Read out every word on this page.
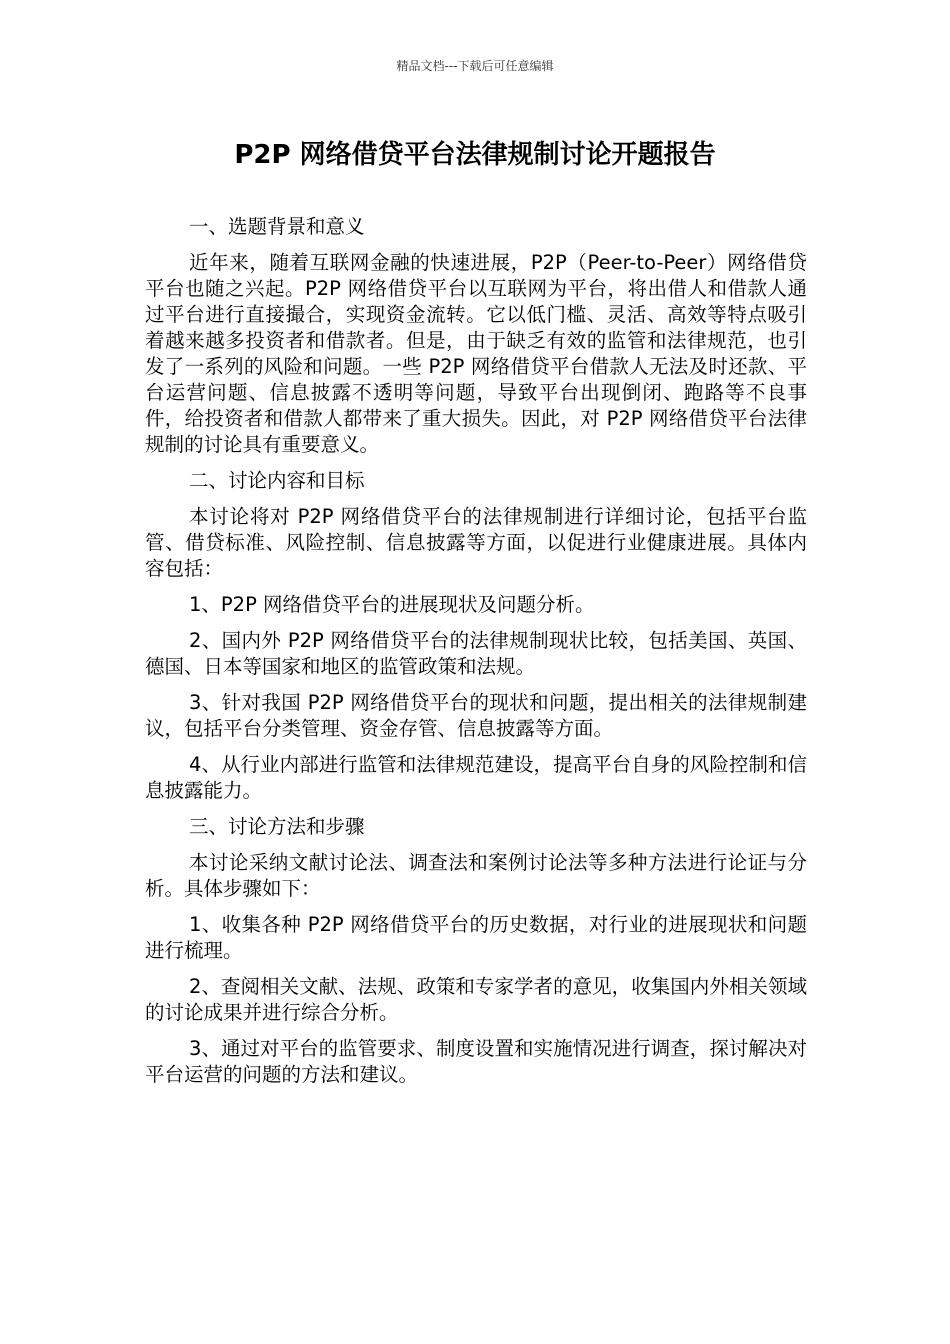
精品文档---下载后可任意编辑
P2P 网络借贷平台法律规制讨论开题报告

一、选题背景和意义

近年来，随着互联网金融的快速进展，P2P（Peer-to-Peer）网络借贷平台也随之兴起。P2P 网络借贷平台以互联网为平台，将出借人和借款人通过平台进行直接撮合，实现资金流转。它以低门槛、灵活、高效等特点吸引着越来越多投资者和借款者。但是，由于缺乏有效的监管和法律规范，也引发了一系列的风险和问题。一些 P2P 网络借贷平台借款人无法及时还款、平台运营问题、信息披露不透明等问题，导致平台出现倒闭、跑路等不良事件，给投资者和借款人都带来了重大损失。因此，对 P2P 网络借贷平台法律规制的讨论具有重要意义。

二、讨论内容和目标

本讨论将对 P2P 网络借贷平台的法律规制进行详细讨论，包括平台监管、借贷标准、风险控制、信息披露等方面，以促进行业健康进展。具体内容包括：

1、P2P 网络借贷平台的进展现状及问题分析。

2、国内外 P2P 网络借贷平台的法律规制现状比较，包括美国、英国、德国、日本等国家和地区的监管政策和法规。

3、针对我国 P2P 网络借贷平台的现状和问题，提出相关的法律规制建议，包括平台分类管理、资金存管、信息披露等方面。

4、从行业内部进行监管和法律规范建设，提高平台自身的风险控制和信息披露能力。

三、讨论方法和步骤

本讨论采纳文献讨论法、调查法和案例讨论法等多种方法进行论证与分析。具体步骤如下：

1、收集各种 P2P 网络借贷平台的历史数据，对行业的进展现状和问题进行梳理。

2、查阅相关文献、法规、政策和专家学者的意见，收集国内外相关领域的讨论成果并进行综合分析。

3、通过对平台的监管要求、制度设置和实施情况进行调查，探讨解决对平台运营的问题的方法和建议。
